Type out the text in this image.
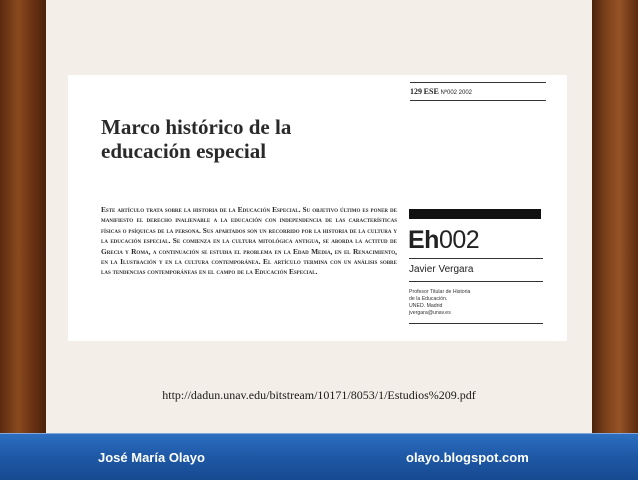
129 ESE Nº002 2002
Marco histórico de la
educación especial
Este artículo trata sobre la historia de la Educación Especial. Su objetivo último es poner de manifiesto el derecho inalienable a la educación con independencia de las características físicas o psíquicas de la persona. Sus apartados son un recorrido por la historia de la cultura y la educación especial. Se comienza en la cultura mitológica antigua, se aborda la actitud de Grecia y Roma, a continuación se estudia el problema en la Edad Media, en el Renacimiento, en la Ilustración y en la cultura contemporánea. El artículo termina con un análisis sobre las tendencias contemporáneas en el campo de la Educación Especial.
Eh002
Javier Vergara
Profesor Titular de Historia
de la Educación.
UNED. Madrid
jvergara@unav.es
http://dadun.unav.edu/bitstream/10171/8053/1/Estudios%209.pdf
José María Olayo	olayo.blogspot.com
